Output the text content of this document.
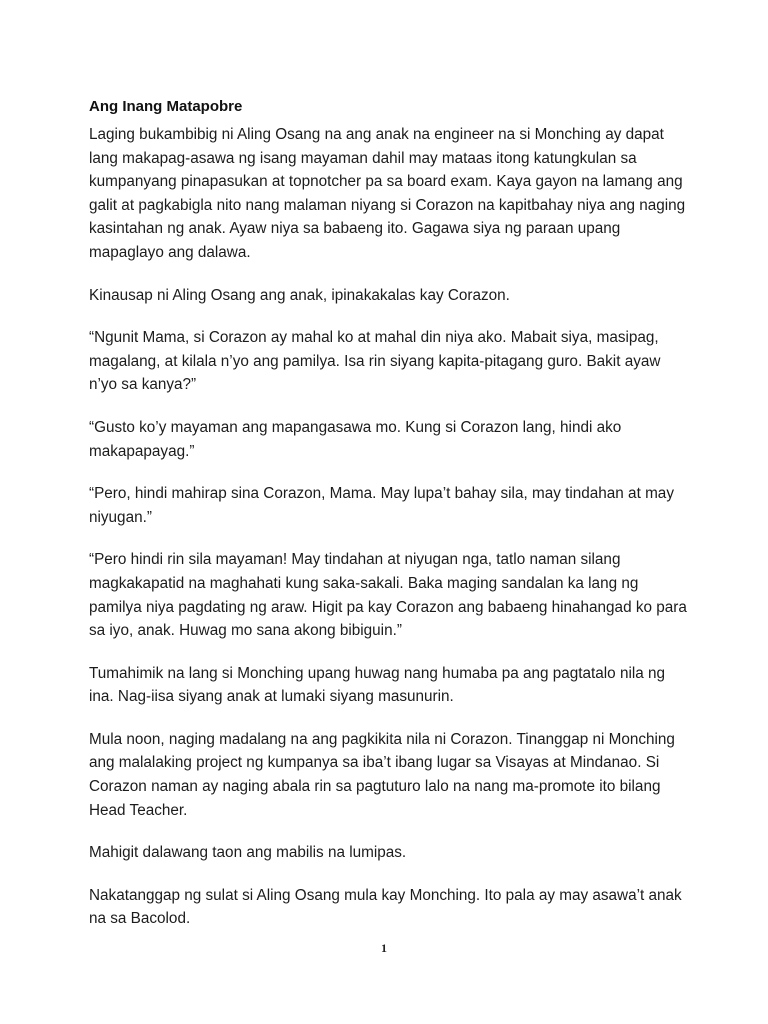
Ang Inang Matapobre

Laging bukambibig ni Aling Osang na ang anak na engineer na si Monching ay dapat lang makapag-asawa ng isang mayaman dahil may mataas itong katungkulan sa kumpanyang pinapasukan at topnotcher pa sa board exam. Kaya gayon na lamang ang galit at pagkabigla nito nang malaman niyang si Corazon na kapitbahay niya ang naging kasintahan ng anak. Ayaw niya sa babaeng ito. Gagawa siya ng paraan upang mapaglayo ang dalawa.

Kinausap ni Aling Osang ang anak, ipinakakalas kay Corazon.

“Ngunit Mama, si Corazon ay mahal ko at mahal din niya ako. Mabait siya, masipag, magalang, at kilala n’yo ang pamilya. Isa rin siyang kapita-pitagang guro. Bakit ayaw n’yo sa kanya?”

“Gusto ko’y mayaman ang mapangasawa mo. Kung si Corazon lang, hindi ako makapapayag.”

“Pero, hindi mahirap sina Corazon, Mama. May lupa’t bahay sila, may tindahan at may niyugan.”

“Pero hindi rin sila mayaman! May tindahan at niyugan nga, tatlo naman silang magkakapatid na maghahati kung saka-sakali. Baka maging sandalan ka lang ng pamilya niya pagdating ng araw. Higit pa kay Corazon ang babaeng hinahangad ko para sa iyo, anak. Huwag mo sana akong bibiguin.”

Tumahimik na lang si Monching upang huwag nang humaba pa ang pagtatalo nila ng ina. Nag-iisa siyang anak at lumaki siyang masunurin.

Mula noon, naging madalang na ang pagkikita nila ni Corazon. Tinanggap ni Monching ang malalaking project ng kumpanya sa iba’t ibang lugar sa Visayas at Mindanao. Si Corazon naman ay naging abala rin sa pagtuturo lalo na nang ma-promote ito bilang Head Teacher.

Mahigit dalawang taon ang mabilis na lumipas.

Nakatanggap ng sulat si Aling Osang mula kay Monching. Ito pala ay may asawa’t anak na sa Bacolod.

1
